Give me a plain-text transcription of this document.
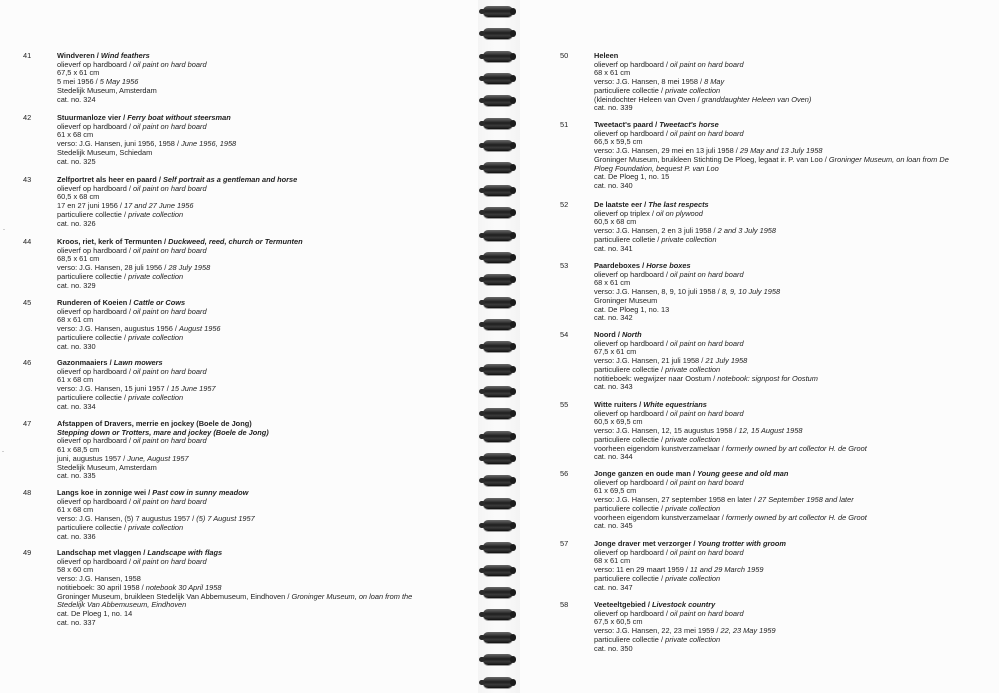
41	Windveren / Wind feathers
olieverf op hardboard / oil paint on hard board
67,5 x 61 cm
5 mei 1956 / 5 May 1956
Stedelijk Museum, Amsterdam
cat. no. 324
42	Stuurmanloze vier / Ferry boat without steersman
olieverf op hardboard / oil paint on hard board
61 x 68 cm
verso: J.G. Hansen, juni 1956, 1958 / June 1956, 1958
Stedelijk Museum, Schiedam
cat. no. 325
43	Zelfportret als heer en paard / Self portrait as a gentleman and horse
olieverf op hardboard / oil paint on hard board
60,5 x 68 cm
17 en 27 juni 1956 / 17 and 27 June 1956
particuliere collectie / private collection
cat. no. 326
44	Kroos, riet, kerk of Termunten / Duckweed, reed, church or Termunten
olieverf op hardboard / oil paint on hard board
68,5 x 61 cm
verso: J.G. Hansen, 28 juli 1956 / 28 July 1958
particuliere collectie / private collection
cat. no. 329
45	Runderen of Koeien / Cattle or Cows
olieverf op hardboard / oil paint on hard board
68 x 61 cm
verso: J.G. Hansen, augustus 1956 / August 1956
particuliere collectie / private collection
cat. no. 330
46	Gazonmaaiers / Lawn mowers
olieverf op hardboard / oil paint on hard board
61 x 68 cm
verso: J.G. Hansen, 15 juni 1957 / 15 June 1957
particuliere collectie / private collection
cat. no. 334
47	Afstappen of Dravers, merrie en jockey (Boele de Jong)
Stepping down or Trotters, mare and jockey (Boele de Jong)
olieverf op hardboard / oil paint on hard board
61 x 68,5 cm
juni, augustus 1957 / June, August 1957
Stedelijk Museum, Amsterdam
cat. no. 335
48	Langs koe in zonnige wei / Past cow in sunny meadow
olieverf op hardboard / oil paint on hard board
61 x 68 cm
verso: J.G. Hansen, (5) 7 augustus 1957 / (5) 7 August 1957
particuliere collectie / private collection
cat. no. 336
49	Landschap met vlaggen / Landscape with flags
olieverf op hardboard / oil paint on hard board
58 x 60 cm
verso: J.G. Hansen, 1958
notitieboek: 30 april 1958 / notebook 30 April 1958
Groninger Museum, bruikleen Stedelijk Van Abbemuseum, Eindhoven / Groninger Museum, on loan from the
Stedelijk Van Abbemuseum, Eindhoven
cat. De Ploeg 1, no. 14
cat. no. 337
50	Heleen
olieverf op hardboard / oil paint on hard board
68 x 61 cm
verso: J.G. Hansen, 8 mei 1958 / 8 May
particuliere collectie / private collection
(kleindochter Heleen van Oven / granddaughter Heleen van Oven)
cat. no. 339
51	Tweetact's paard / Tweetact's horse
olieverf op hardboard / oil paint on hard board
66,5 x 59,5 cm
verso: J.G. Hansen, 29 mei en 13 juli 1958 / 29 May and 13 July 1958
Groninger Museum, bruikleen Stichting De Ploeg, legaat ir. P. van Loo / Groninger Museum, on loan from De
Ploeg Foundation, bequest P. van Loo
cat. De Ploeg 1, no. 15
cat. no. 340
52	De laatste eer / The last respects
olieverf op triplex / oil on plywood
60,5 x 68 cm
verso: J.G. Hansen, 2 en 3 juli 1958 / 2 and 3 July 1958
particuliere colletie / private collection
cat. no. 341
53	Paardeboxes / Horse boxes
olieverf op hardboard / oil paint on hard board
68 x 61 cm
verso: J.G. Hansen, 8, 9, 10 juli 1958 / 8, 9, 10 July 1958
Groninger Museum
cat. De Ploeg 1, no. 13
cat. no. 342
54	Noord / North
olieverf op hardboard / oil paint on hard board
67,5 x 61 cm
verso: J.G. Hansen, 21 juli 1958 / 21 July 1958
particuliere collectie / private collection
notitieboek: wegwijzer naar Oostum / notebook: signpost for Oostum
cat. no. 343
55	Witte ruiters / White equestrians
olieverf op hardboard / oil paint on hard board
60,5 x 69,5 cm
verso: J.G. Hansen, 12, 15 augustus 1958 / 12, 15 August 1958
particuliere collectie / private collection
voorheen eigendom kunstverzamelaar / formerly owned by art collector H. de Groot
cat. no. 344
56	Jonge ganzen en oude man / Young geese and old man
olieverf op hardboard / oil paint on hard board
61 x 69,5 cm
verso: J.G. Hansen, 27 september 1958 en later / 27 September 1958 and later
particuliere collectie / private collection
voorheen eigendom kunstverzamelaar / formerly owned by art collector H. de Groot
cat. no. 345
57	Jonge draver met verzorger / Young trotter with groom
olieverf op hardboard / oil paint on hard board
68 x 61 cm
verso: 11 en 29 maart 1959 / 11 and 29 March 1959
particuliere collectie / private collection
cat. no. 347
58	Veeteeltgebied / Livestock country
olieverf op hardboard / oil paint on hard board
67,5 x 60,5 cm
verso: J.G. Hansen, 22, 23 mei 1959 / 22, 23 May 1959
particuliere collectie / private collection
cat. no. 350
